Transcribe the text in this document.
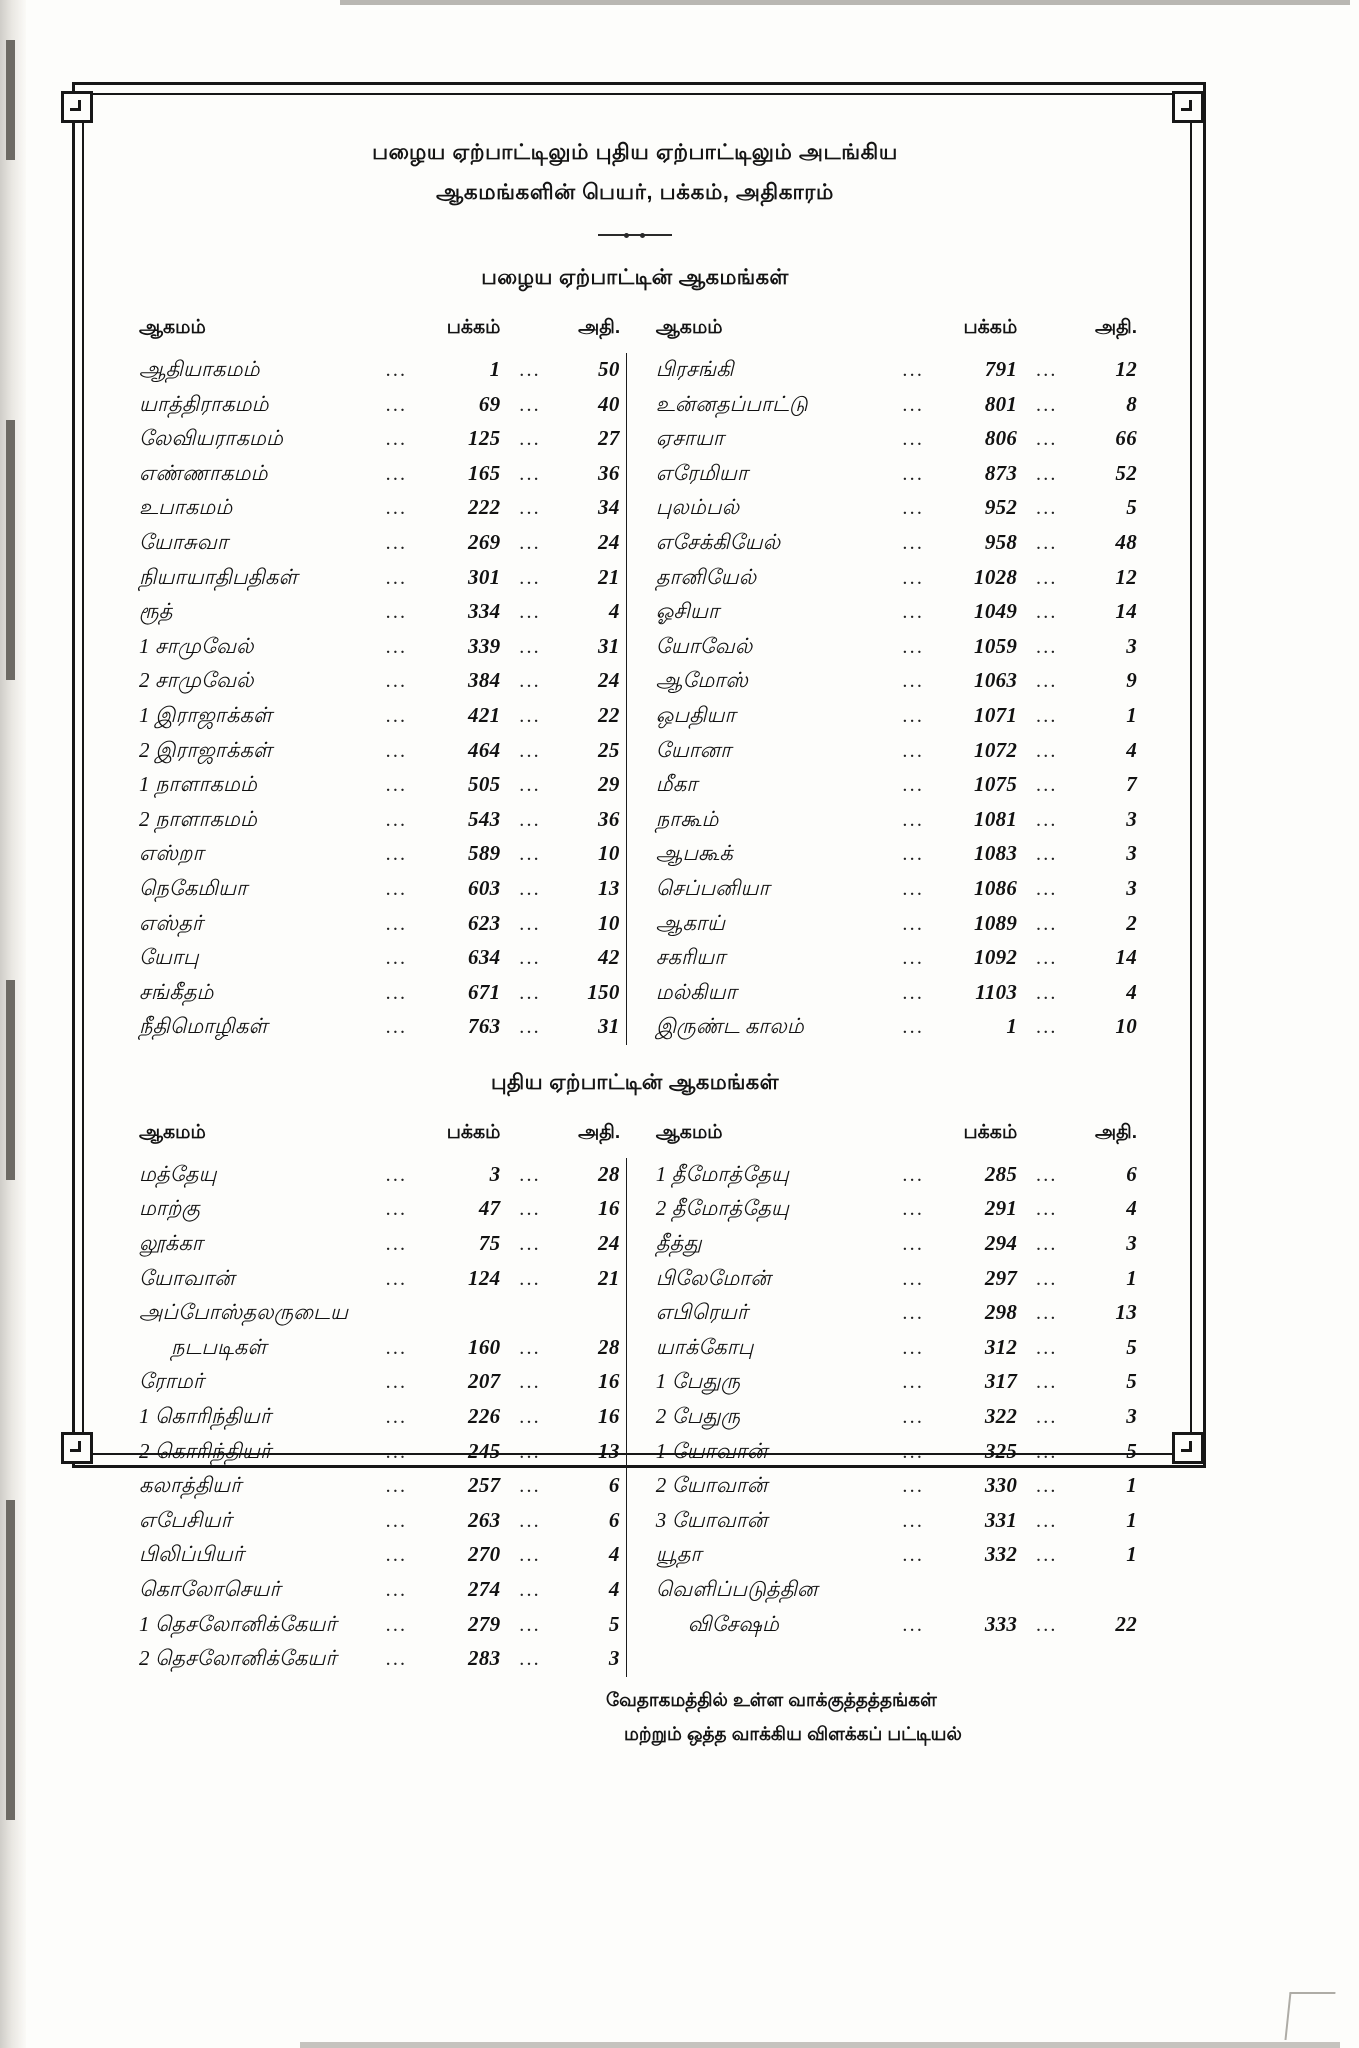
பழைய ஏற்பாட்டிலும் புதிய ஏற்பாட்டிலும் அடங்கிய
ஆகமங்களின் பெயர், பக்கம், அதிகாரம்
பழைய ஏற்பாட்டின் ஆகமங்கள்
ஆகமம்		பக்கம்		அதி.		ஆகமம்		பக்கம்		அதி.
ஆதியாகமம்	...	1	...	50		பிரசங்கி	...	791	...	12
யாத்திராகமம்	...	69	...	40		உன்னதப்பாட்டு	...	801	...	8
லேவியராகமம்	...	125	...	27		ஏசாயா	...	806	...	66
எண்ணாகமம்	...	165	...	36		எரேமியா	...	873	...	52
உபாகமம்	...	222	...	34		புலம்பல்	...	952	...	5
யோசுவா	...	269	...	24		எசேக்கியேல்	...	958	...	48
நியாயாதிபதிகள்	...	301	...	21		தானியேல்	...	1028	...	12
ரூத்	...	334	...	4		ஓசியா	...	1049	...	14
1 சாமுவேல்	...	339	...	31		யோவேல்	...	1059	...	3
2 சாமுவேல்	...	384	...	24		ஆமோஸ்	...	1063	...	9
1 இராஜாக்கள்	...	421	...	22		ஒபதியா	...	1071	...	1
2 இராஜாக்கள்	...	464	...	25		யோனா	...	1072	...	4
1 நாளாகமம்	...	505	...	29		மீகா	...	1075	...	7
2 நாளாகமம்	...	543	...	36		நாகூம்	...	1081	...	3
எஸ்றா	...	589	...	10		ஆபகூக்	...	1083	...	3
நெகேமியா	...	603	...	13		செப்பனியா	...	1086	...	3
எஸ்தர்	...	623	...	10		ஆகாய்	...	1089	...	2
யோபு	...	634	...	42		சகரியா	...	1092	...	14
சங்கீதம்	...	671	...	150		மல்கியா	...	1103	...	4
நீதிமொழிகள்	...	763	...	31		இருண்ட காலம்	...	1	...	10
புதிய ஏற்பாட்டின் ஆகமங்கள்
ஆகமம்		பக்கம்		அதி.		ஆகமம்		பக்கம்		அதி.
மத்தேயு	...	3	...	28		1 தீமோத்தேயு	...	285	...	6
மாற்கு	...	47	...	16		2 தீமோத்தேயு	...	291	...	4
லூக்கா	...	75	...	24		தீத்து	...	294	...	3
யோவான்	...	124	...	21		பிலேமோன்	...	297	...	1
அப்போஸ்தலருடைய						எபிரெயர்	...	298	...	13
நடபடிகள்	...	160	...	28		யாக்கோபு	...	312	...	5
ரோமர்	...	207	...	16		1 பேதுரு	...	317	...	5
1 கொரிந்தியர்	...	226	...	16		2 பேதுரு	...	322	...	3
2 கொரிந்தியர்	...	245	...	13		1 யோவான்	...	325	...	5
கலாத்தியர்	...	257	...	6		2 யோவான்	...	330	...	1
எபேசியர்	...	263	...	6		3 யோவான்	...	331	...	1
பிலிப்பியர்	...	270	...	4		யூதா	...	332	...	1
கொலோசெயர்	...	274	...	4		வெளிப்படுத்தின				
1 தெசலோனிக்கேயர்	...	279	...	5		விசேஷம்	...	333	...	22
2 தெசலோனிக்கேயர்	...	283	...	3						
வேதாகமத்தில் உள்ள வாக்குத்தத்தங்கள்
மற்றும் ஒத்த வாக்கிய விளக்கப் பட்டியல்
